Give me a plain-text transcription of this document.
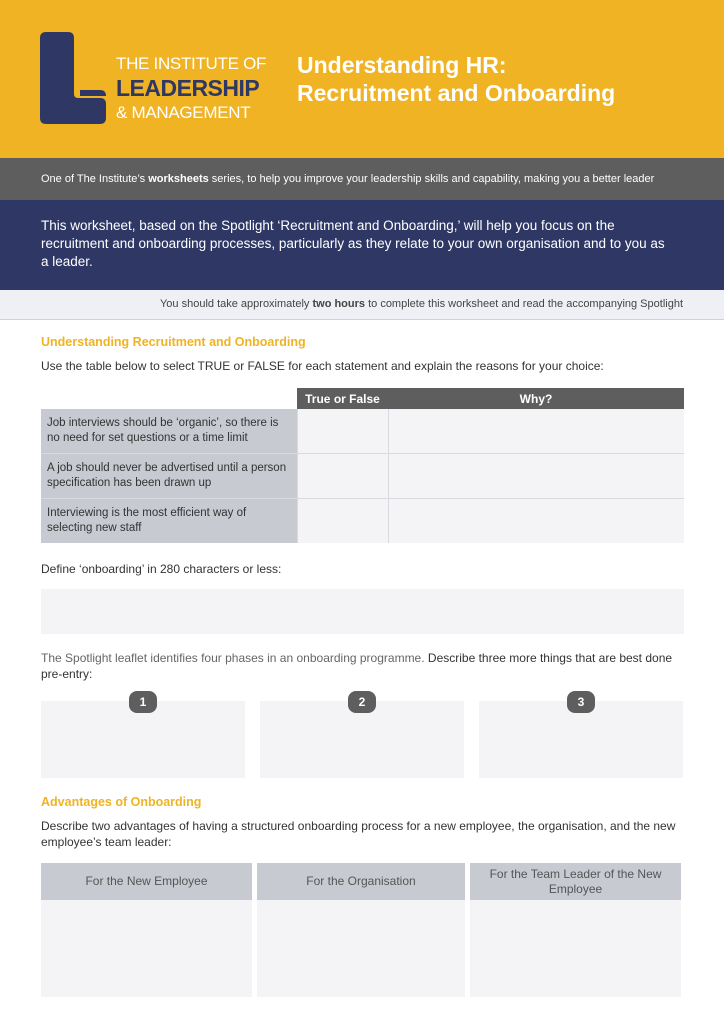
THE INSTITUTE OF
LEADERSHIP
& MANAGEMENT
Understanding HR:
Recruitment and Onboarding
One of The Institute’s worksheets series, to help you improve your leadership skills and capability, making you a better leader
This worksheet, based on the Spotlight ‘Recruitment and Onboarding,’ will help you focus on the recruitment and onboarding processes, particularly as they relate to your own organisation and to you as a leader.
You should take approximately two hours to complete this worksheet and read the accompanying Spotlight
Understanding Recruitment and Onboarding
Use the table below to select TRUE or FALSE for each statement and explain the reasons for your choice:
	True or False	Why?
Job interviews should be ‘organic’, so there is no need for set questions or a time limit		
A job should never be advertised until a person specification has been drawn up		
Interviewing is the most efficient way of selecting new staff		
Define ‘onboarding’ in 280 characters or less:
The Spotlight leaflet identifies four phases in an onboarding programme. Describe three more things that are best done pre-entry:
1	2	3
Advantages of Onboarding
Describe two advantages of having a structured onboarding process for a new employee, the organisation, and the new employee’s team leader:
For the New Employee	For the Organisation
For the Team Leader of the New Employee
